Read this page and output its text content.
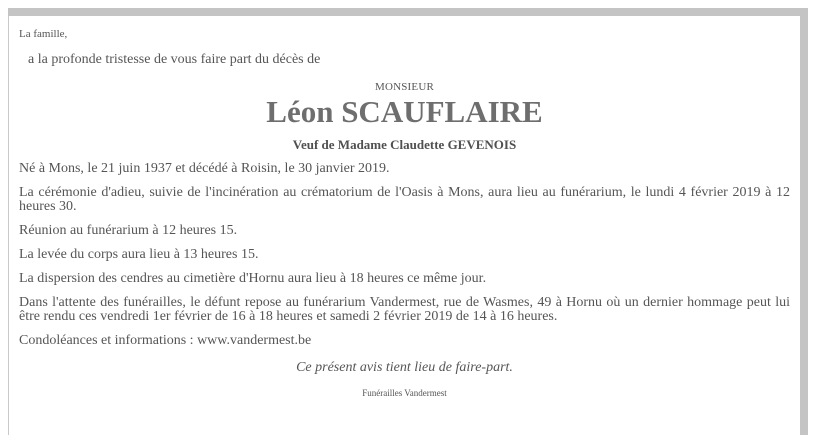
La famille,
a la profonde tristesse de vous faire part du décès de
MONSIEUR
Léon SCAUFLAIRE
Veuf de Madame Claudette GEVENOIS
Né à Mons, le 21 juin 1937 et décédé à Roisin, le 30 janvier 2019.
La cérémonie d'adieu, suivie de l'incinération au crématorium de l'Oasis à Mons, aura lieu au funérarium, le lundi 4 février 2019 à 12 heures 30.
Réunion au funérarium à 12 heures 15.
La levée du corps aura lieu à 13 heures 15.
La dispersion des cendres au cimetière d'Hornu aura lieu à 18 heures ce même jour.
Dans l'attente des funérailles, le défunt repose au funérarium Vandermest, rue de Wasmes, 49 à Hornu où un dernier hommage peut lui être rendu ces vendredi 1er février de 16 à 18 heures et samedi 2 février 2019 de 14 à 16 heures.
Condoléances et informations : www.vandermest.be
Ce présent avis tient lieu de faire-part.
Funérailles Vandermest
